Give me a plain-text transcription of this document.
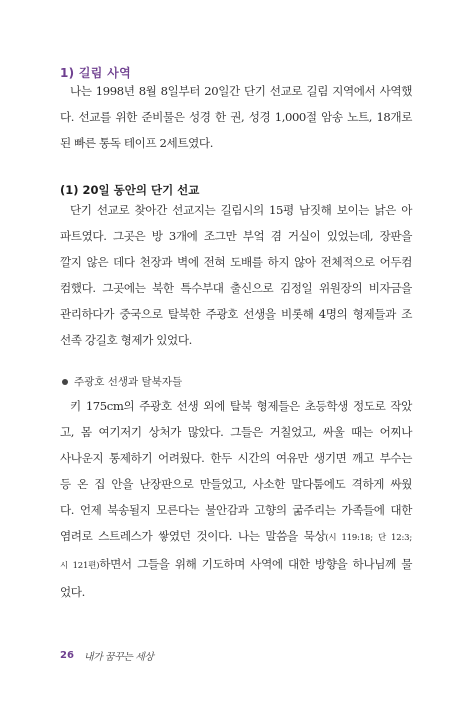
1) 길림 사역
나는 1998년 8월 8일부터 20일간 단기 선교로 길림 지역에서 사역했
다. 선교를 위한 준비물은 성경 한 권, 성경 1,000절 암송 노트, 18개로
된 빠른 통독 테이프 2세트였다.
(1) 20일 동안의 단기 선교
단기 선교로 찾아간 선교지는 길림시의 15평 남짓해 보이는 낡은 아
파트였다. 그곳은 방 3개에 조그만 부엌 겸 거실이 있었는데, 장판을
깔지 않은 데다 천장과 벽에 전혀 도배를 하지 않아 전체적으로 어두컴
컴했다. 그곳에는 북한 특수부대 출신으로 김정일 위원장의 비자금을
관리하다가 중국으로 탈북한 주광호 선생을 비롯해 4명의 형제들과 조
선족 강길호 형제가 있었다.
주광호 선생과 탈북자들
키 175cm의 주광호 선생 외에 탈북 형제들은 초등학생 정도로 작았
고, 몸 여기저기 상처가 많았다. 그들은 거칠었고, 싸울 때는 어찌나
사나운지 통제하기 어려웠다. 한두 시간의 여유만 생기면 깨고 부수는
등 온 집 안을 난장판으로 만들었고, 사소한 말다툼에도 격하게 싸웠
다. 언제 북송될지 모른다는 불안감과 고향의 굶주리는 가족들에 대한
염려로 스트레스가 쌓였던 것이다. 나는 말씀을 묵상(시 119:18; 단 12:3;
시 121편)하면서 그들을 위해 기도하며 사역에 대한 방향을 하나님께 물
었다.
26 내가 꿈꾸는 세상
